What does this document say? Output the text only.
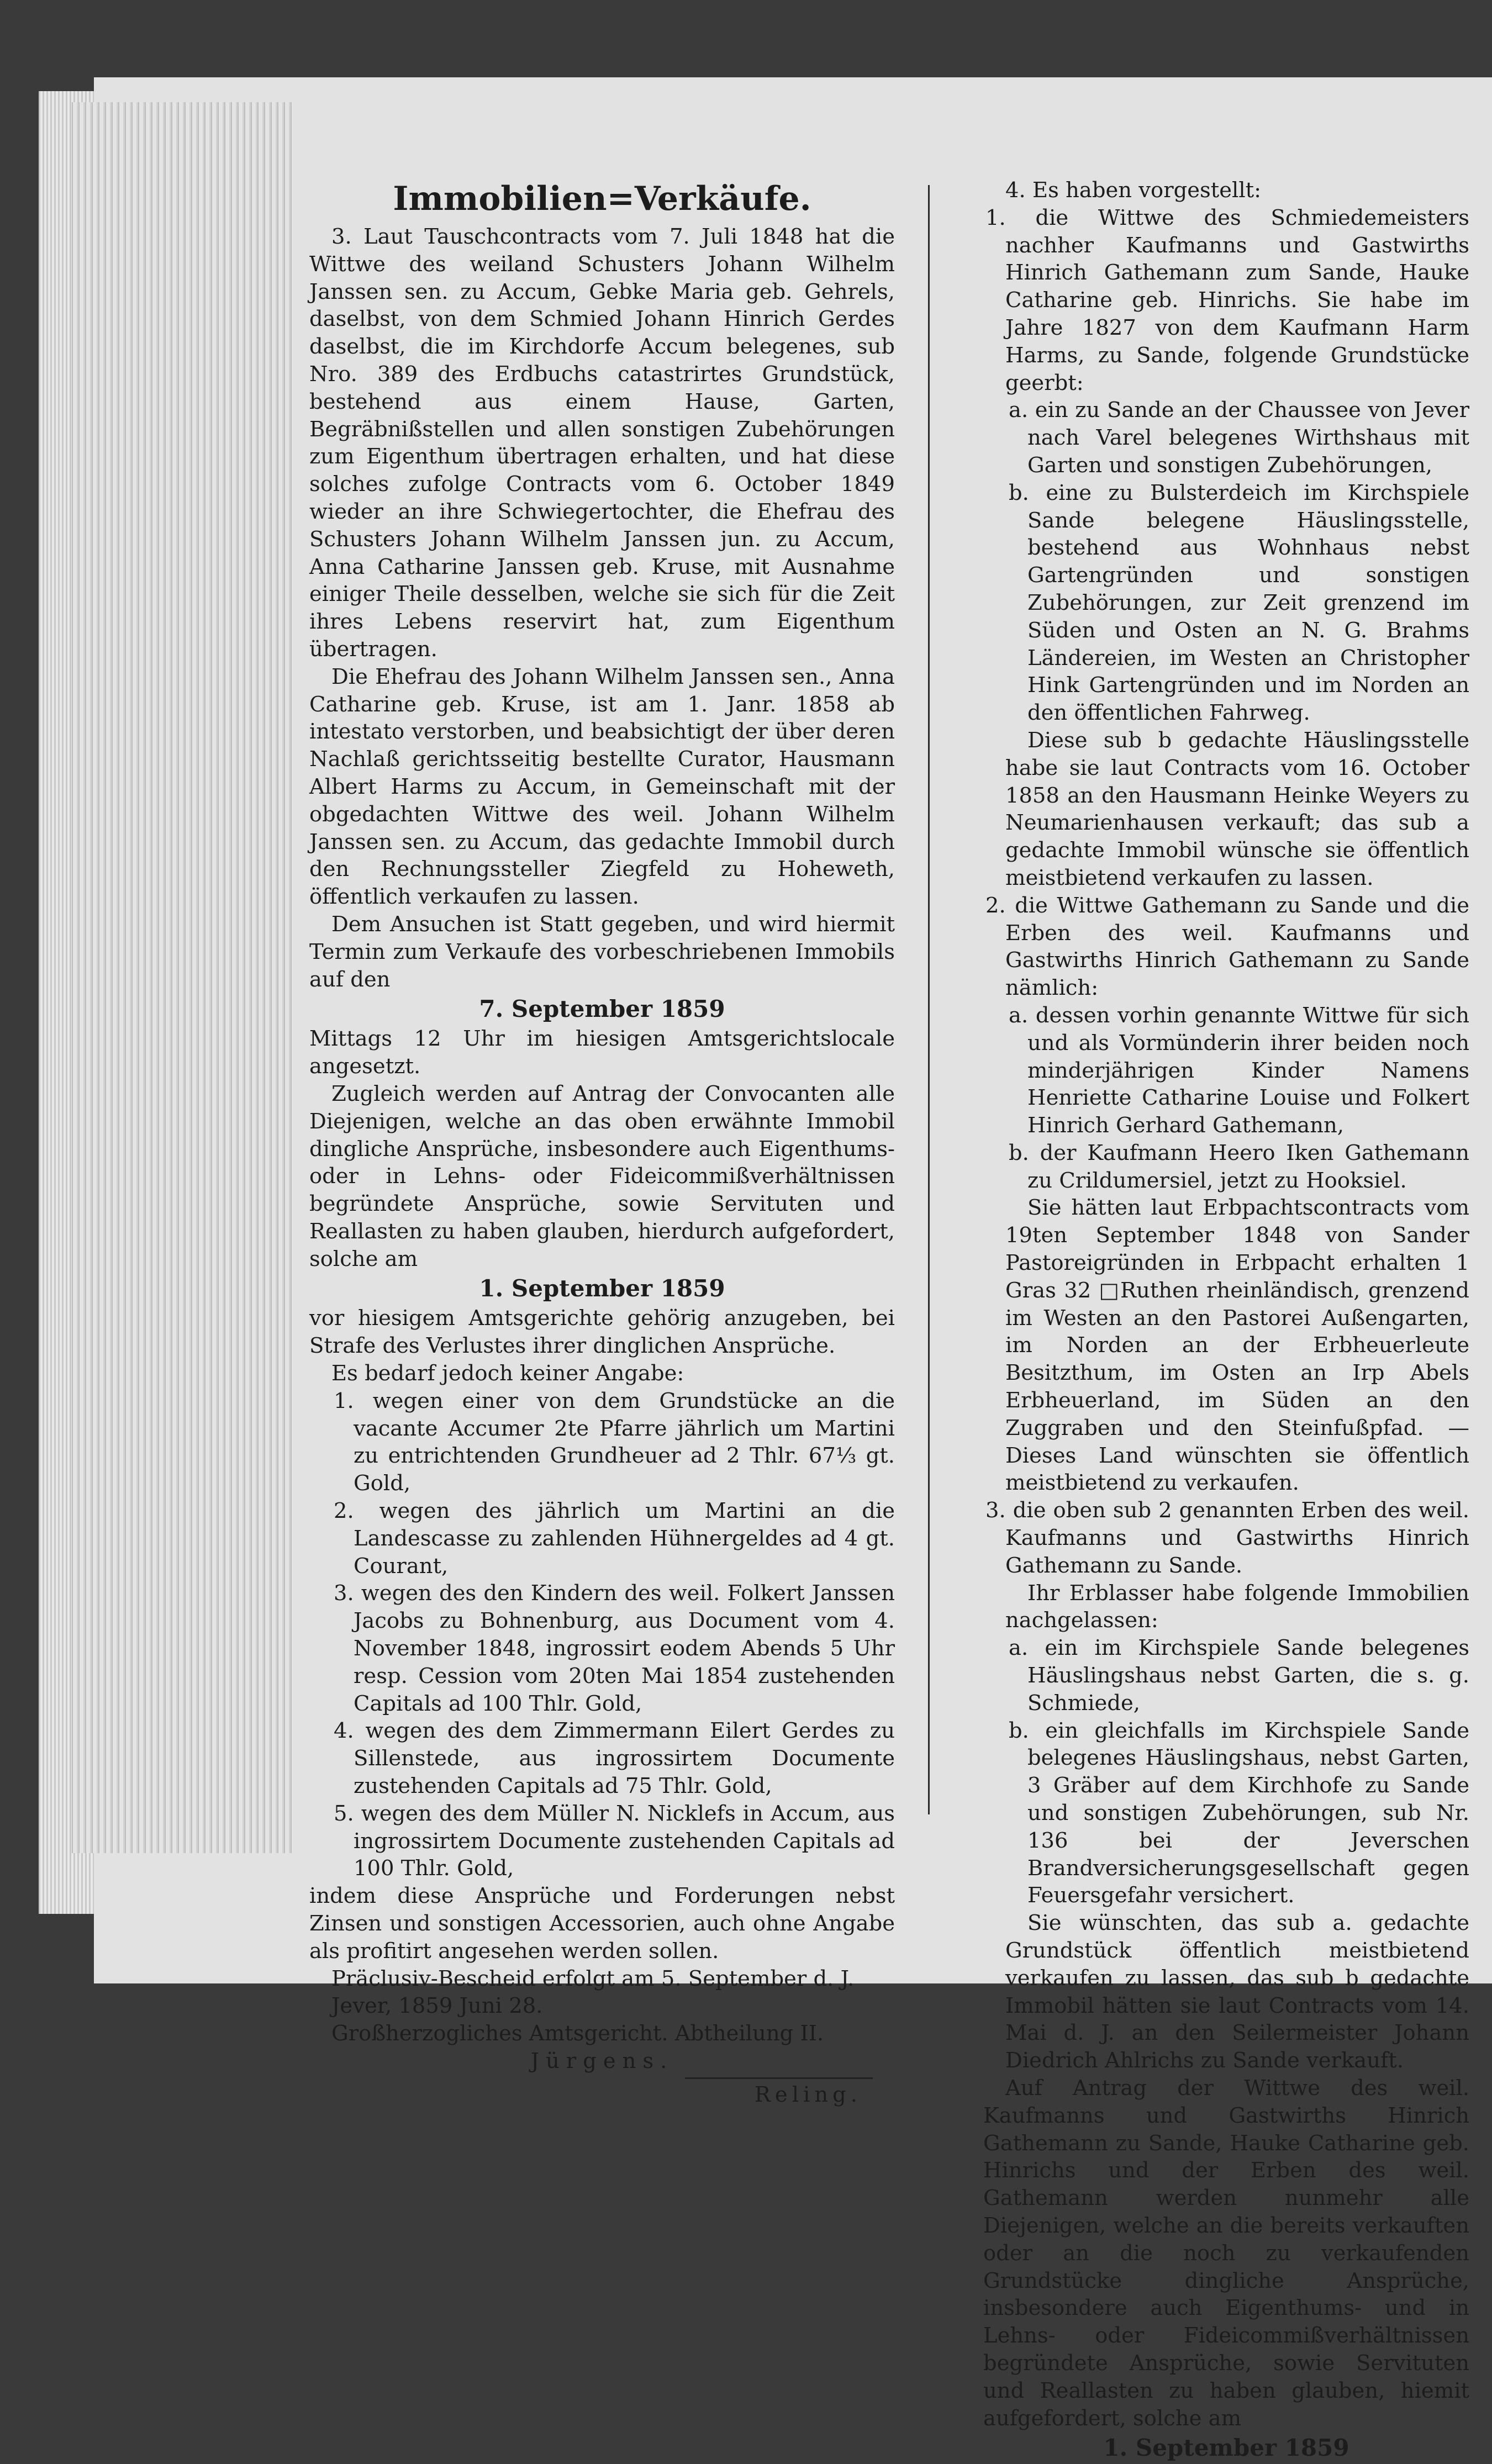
Immobilien=Verkäufe.

3. Laut Tauschcontracts vom 7. Juli 1848 hat die Wittwe des weiland Schusters Johann Wilhelm Janssen sen. zu Accum, Gebke Maria geb. Gehrels, daselbst, von dem Schmied Johann Hinrich Gerdes daselbst, die im Kirchdorfe Accum belegenes, sub Nro. 389 des Erdbuchs catastrirtes Grundstück, bestehend aus einem Hause, Garten, Begräbnißstellen und allen sonstigen Zubehörungen zum Eigenthum übertragen erhalten, und hat diese solches zufolge Contracts vom 6. October 1849 wieder an ihre Schwiegertochter, die Ehefrau des Schusters Johann Wilhelm Janssen jun. zu Accum, Anna Catharine Janssen geb. Kruse, mit Ausnahme einiger Theile desselben, welche sie sich für die Zeit ihres Lebens reservirt hat, zum Eigenthum übertragen.

Die Ehefrau des Johann Wilhelm Janssen sen., Anna Catharine geb. Kruse, ist am 1. Janr. 1858 ab intestato verstorben, und beabsichtigt der über deren Nachlaß gerichtsseitig bestellte Curator, Hausmann Albert Harms zu Accum, in Gemeinschaft mit der obgedachten Wittwe des weil. Johann Wilhelm Janssen sen. zu Accum, das gedachte Immobil durch den Rechnungssteller Ziegfeld zu Hoheweth, öffentlich verkaufen zu lassen.

Dem Ansuchen ist Statt gegeben, und wird hiermit Termin zum Verkaufe des vorbeschriebenen Immobils auf den

7. September 1859

Mittags 12 Uhr im hiesigen Amtsgerichtslocale angesetzt.

Zugleich werden auf Antrag der Convocanten alle Diejenigen, welche an das oben erwähnte Immobil dingliche Ansprüche, insbesondere auch Eigenthums- oder in Lehns- oder Fideicommißverhältnissen begründete Ansprüche, sowie Servituten und Reallasten zu haben glauben, hierdurch aufgefordert, solche am

1. September 1859

vor hiesigem Amtsgerichte gehörig anzugeben, bei Strafe des Verlustes ihrer dinglichen Ansprüche.

Es bedarf jedoch keiner Angabe:

1. wegen einer von dem Grundstücke an die vacante Accumer 2te Pfarre jährlich um Martini zu entrichtenden Grundheuer ad 2 Thlr. 67⅓ gt. Gold,

2. wegen des jährlich um Martini an die Landescasse zu zahlenden Hühnergeldes ad 4 gt. Courant,

3. wegen des den Kindern des weil. Folkert Janssen Jacobs zu Bohnenburg, aus Document vom 4. November 1848, ingrossirt eodem Abends 5 Uhr resp. Cession vom 20ten Mai 1854 zustehenden Capitals ad 100 Thlr. Gold,

4. wegen des dem Zimmermann Eilert Gerdes zu Sillenstede, aus ingrossirtem Documente zustehenden Capitals ad 75 Thlr. Gold,

5. wegen des dem Müller N. Nicklefs in Accum, aus ingrossirtem Documente zustehenden Capitals ad 100 Thlr. Gold,

indem diese Ansprüche und Forderungen nebst Zinsen und sonstigen Accessorien, auch ohne Angabe als profitirt angesehen werden sollen.

Präclusiv-Bescheid erfolgt am 5. September d. J.

Jever, 1859 Juni 28.

Großherzogliches Amtsgericht. Abtheilung II.

Jürgens.
Reling.

4. Es haben vorgestellt:

1. die Wittwe des Schmiedemeisters nachher Kaufmanns und Gastwirths Hinrich Gathemann zum Sande, Hauke Catharine geb. Hinrichs. Sie habe im Jahre 1827 von dem Kaufmann Harm Harms, zu Sande, folgende Grundstücke geerbt:

a. ein zu Sande an der Chaussee von Jever nach Varel belegenes Wirthshaus mit Garten und sonstigen Zubehörungen,

b. eine zu Bulsterdeich im Kirchspiele Sande belegene Häuslingsstelle, bestehend aus Wohnhaus nebst Gartengründen und sonstigen Zubehörungen, zur Zeit grenzend im Süden und Osten an N. G. Brahms Ländereien, im Westen an Christopher Hink Gartengründen und im Norden an den öffentlichen Fahrweg.

Diese sub b gedachte Häuslingsstelle habe sie laut Contracts vom 16. October 1858 an den Hausmann Heinke Weyers zu Neumarienhausen verkauft; das sub a gedachte Immobil wünsche sie öffentlich meistbietend verkaufen zu lassen.

2. die Wittwe Gathemann zu Sande und die Erben des weil. Kaufmanns und Gastwirths Hinrich Gathemann zu Sande nämlich:

a. dessen vorhin genannte Wittwe für sich und als Vormünderin ihrer beiden noch minderjährigen Kinder Namens Henriette Catharine Louise und Folkert Hinrich Gerhard Gathemann,

b. der Kaufmann Heero Iken Gathemann zu Crildumersiel, jetzt zu Hooksiel.

Sie hätten laut Erbpachtscontracts vom 19ten September 1848 von Sander Pastoreigründen in Erbpacht erhalten 1 Gras 32 □Ruthen rheinländisch, grenzend im Westen an den Pastorei Außengarten, im Norden an der Erbheuerleute Besitzthum, im Osten an Irp Abels Erbheuerland, im Süden an den Zuggraben und den Steinfußpfad. — Dieses Land wünschten sie öffentlich meistbietend zu verkaufen.

3. die oben sub 2 genannten Erben des weil. Kaufmanns und Gastwirths Hinrich Gathemann zu Sande.

Ihr Erblasser habe folgende Immobilien nachgelassen:

a. ein im Kirchspiele Sande belegenes Häuslingshaus nebst Garten, die s. g. Schmiede,

b. ein gleichfalls im Kirchspiele Sande belegenes Häuslingshaus, nebst Garten, 3 Gräber auf dem Kirchhofe zu Sande und sonstigen Zubehörungen, sub Nr. 136 bei der Jeverschen Brandversicherungsgesellschaft gegen Feuersgefahr versichert.

Sie wünschten, das sub a. gedachte Grundstück öffentlich meistbietend verkaufen zu lassen, das sub b gedachte Immobil hätten sie laut Contracts vom 14. Mai d. J. an den Seilermeister Johann Diedrich Ahlrichs zu Sande verkauft.

Auf Antrag der Wittwe des weil. Kaufmanns und Gastwirths Hinrich Gathemann zu Sande, Hauke Catharine geb. Hinrichs und der Erben des weil. Gathemann werden nunmehr alle Diejenigen, welche an die bereits verkauften oder an die noch zu verkaufenden Grundstücke dingliche Ansprüche, insbesondere auch Eigenthums- und in Lehns- oder Fideicommißverhältnissen begründete Ansprüche, sowie Servituten und Reallasten zu haben glauben, hiemit aufgefordert, solche am

1. September 1859
